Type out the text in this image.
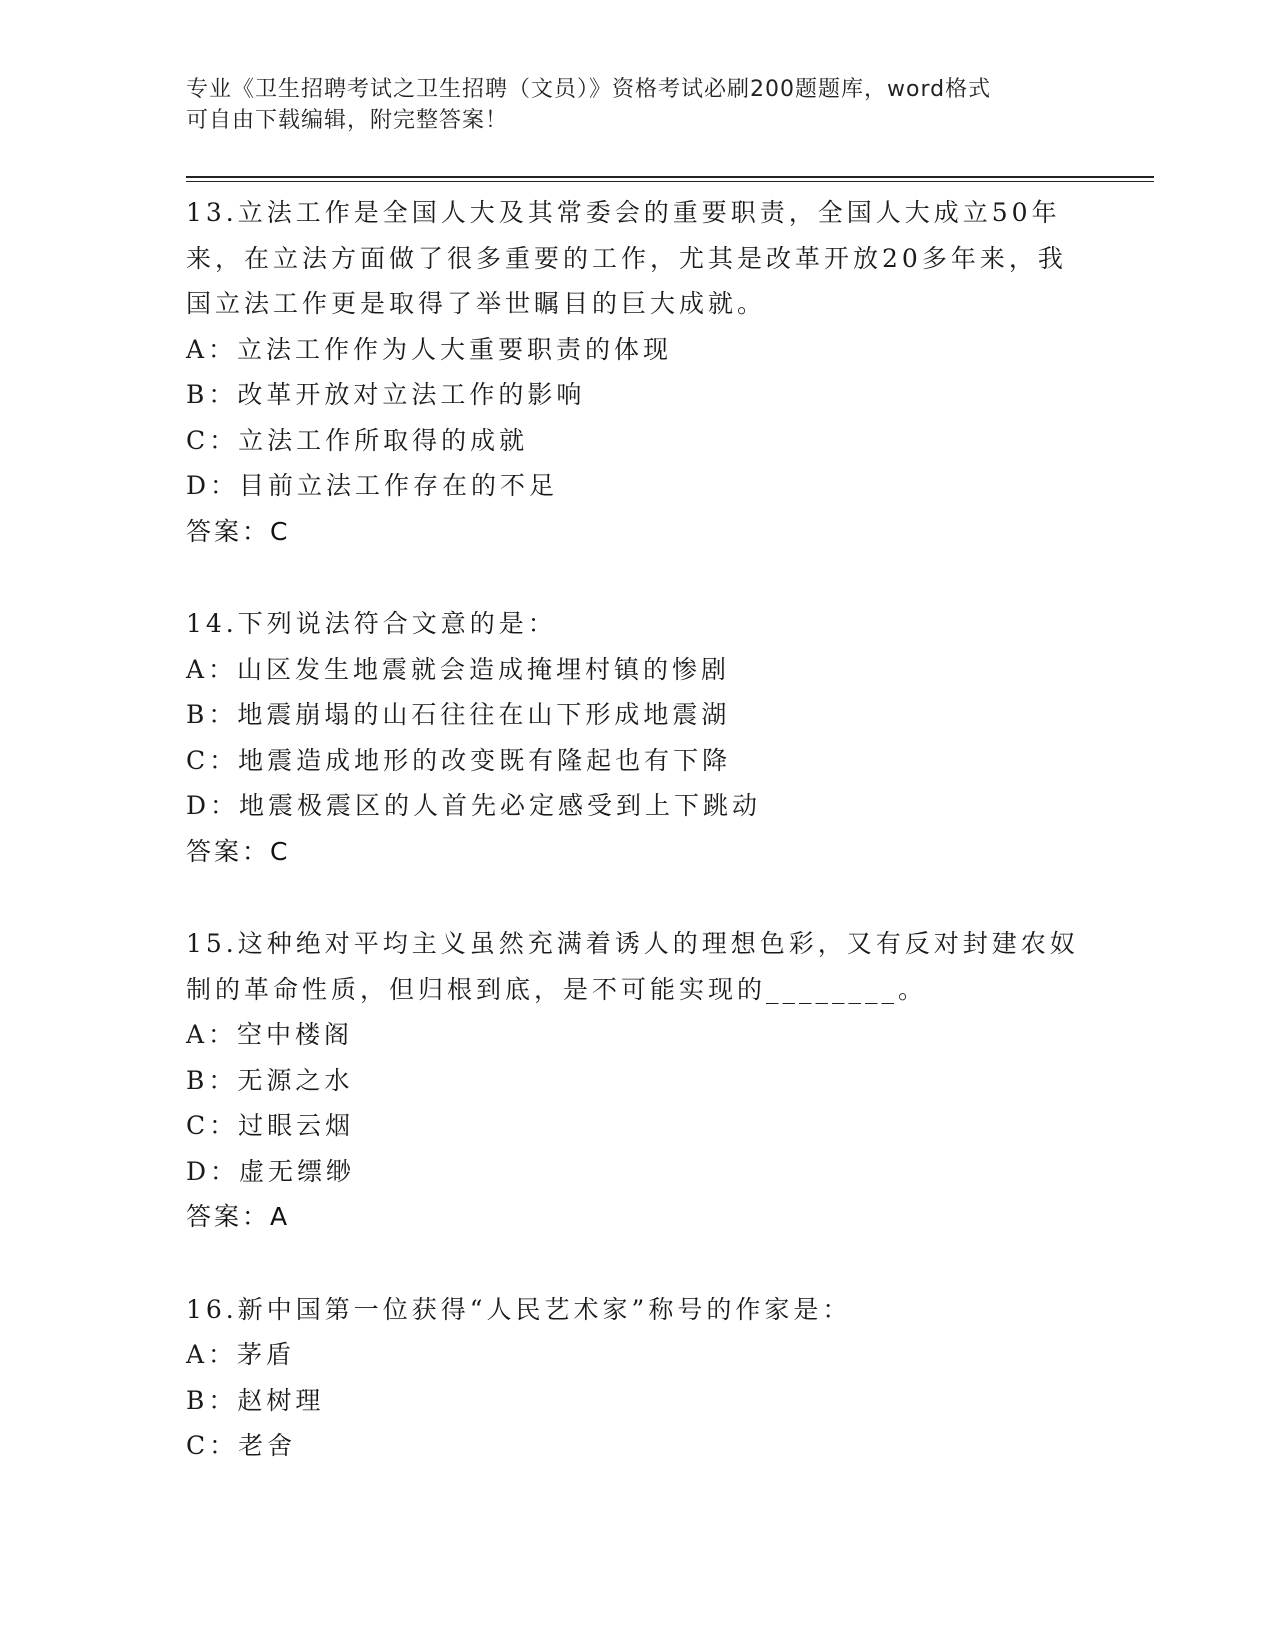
专业《卫生招聘考试之卫生招聘（文员）》资格考试必刷200题题库，word格式
可自由下载编辑，附完整答案！
13.立法工作是全国人大及其常委会的重要职责，全国人大成立50年
来，在立法方面做了很多重要的工作，尤其是改革开放20多年来，我
国立法工作更是取得了举世瞩目的巨大成就。
A：立法工作作为人大重要职责的体现
B：改革开放对立法工作的影响
C：立法工作所取得的成就
D：目前立法工作存在的不足
答案：C
14.下列说法符合文意的是：
A：山区发生地震就会造成掩埋村镇的惨剧
B：地震崩塌的山石往往在山下形成地震湖
C：地震造成地形的改变既有隆起也有下降
D：地震极震区的人首先必定感受到上下跳动
答案：C
15.这种绝对平均主义虽然充满着诱人的理想色彩，又有反对封建农奴
制的革命性质，但归根到底，是不可能实现的________。
A：空中楼阁
B：无源之水
C：过眼云烟
D：虚无缥缈
答案：A
16.新中国第一位获得“人民艺术家”称号的作家是：
A：茅盾
B：赵树理
C：老舍
